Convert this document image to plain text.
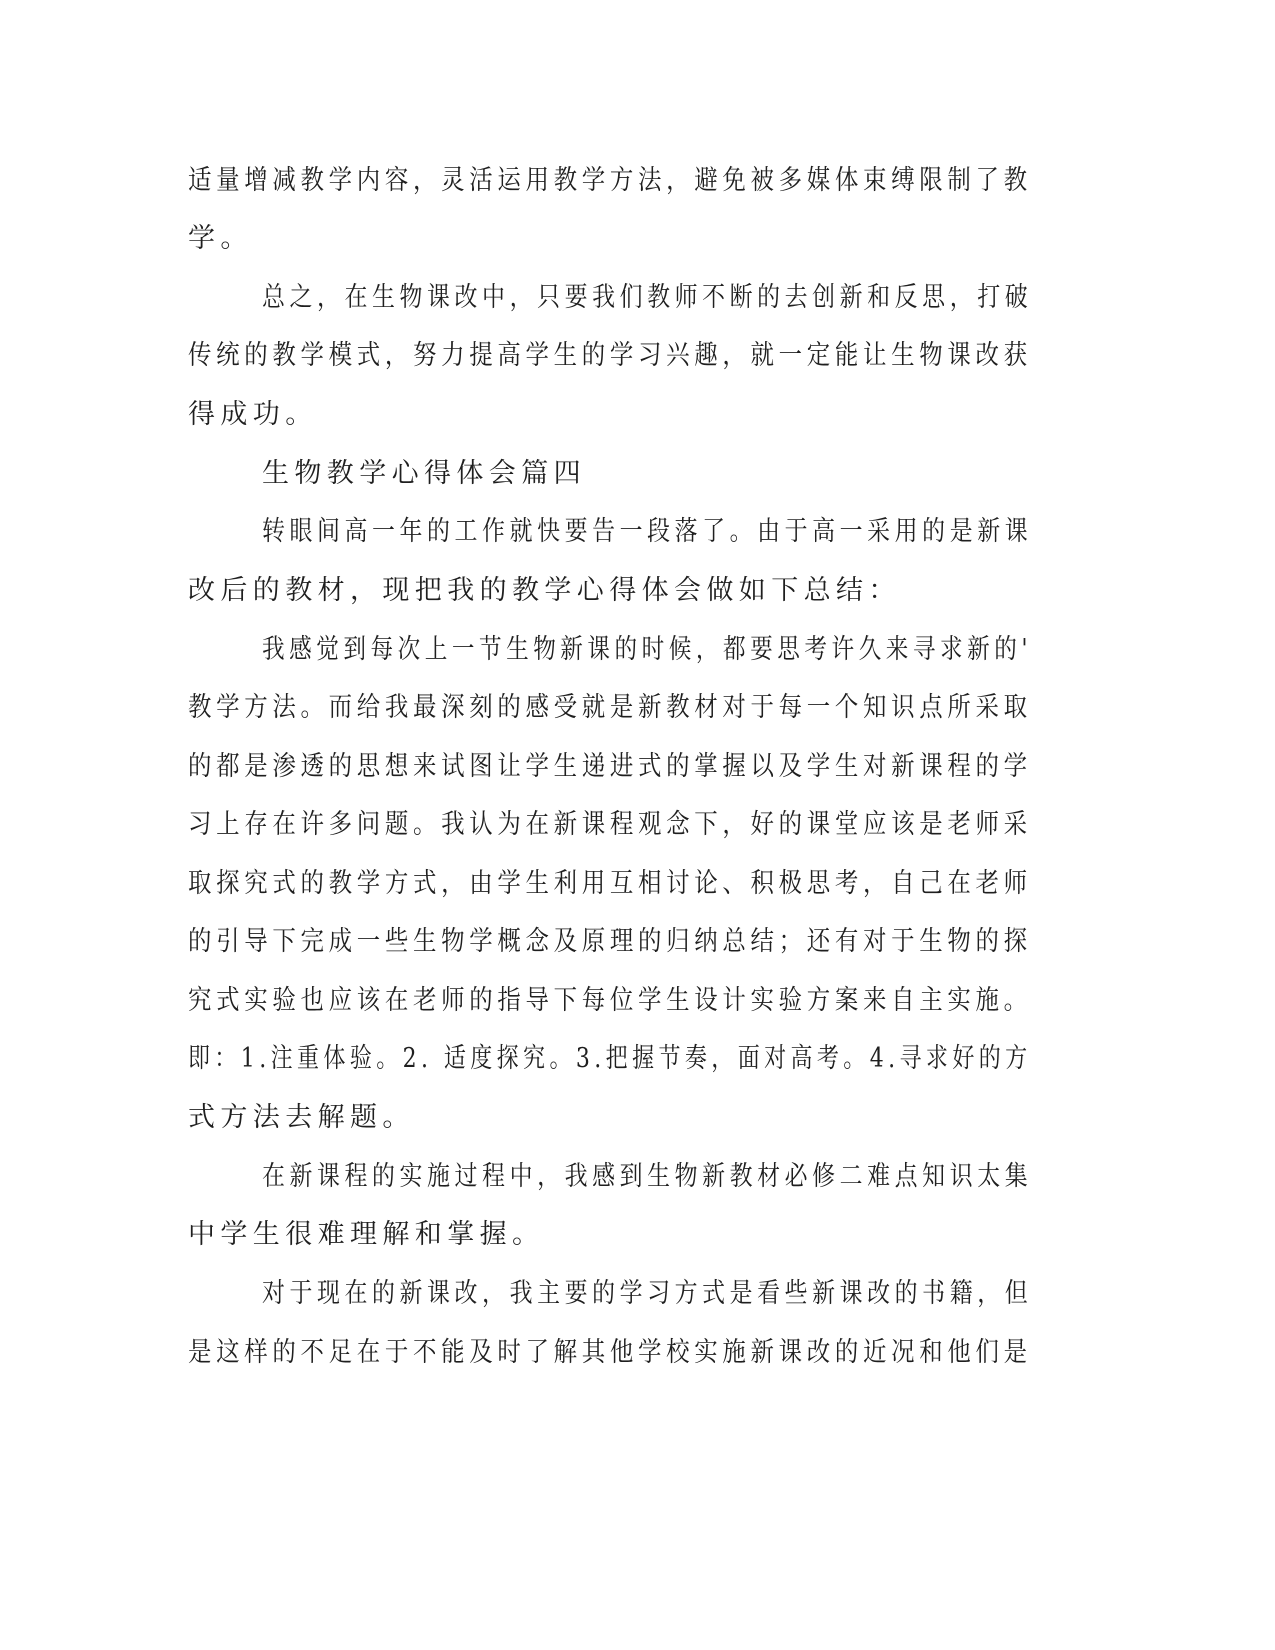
适量增减教学内容，灵活运用教学方法，避免被多媒体束缚限制了教

学。

总之，在生物课改中，只要我们教师不断的去创新和反思，打破

传统的教学模式，努力提高学生的学习兴趣，就一定能让生物课改获

得成功。

生物教学心得体会篇四

转眼间高一年的工作就快要告一段落了。由于高一采用的是新课

改后的教材，现把我的教学心得体会做如下总结：

我感觉到每次上一节生物新课的时候，都要思考许久来寻求新的'

教学方法。而给我最深刻的感受就是新教材对于每一个知识点所采取

的都是渗透的思想来试图让学生递进式的掌握以及学生对新课程的学

习上存在许多问题。我认为在新课程观念下，好的课堂应该是老师采

取探究式的教学方式，由学生利用互相讨论、积极思考，自己在老师

的引导下完成一些生物学概念及原理的归纳总结；还有对于生物的探

究式实验也应该在老师的指导下每位学生设计实验方案来自主实施。

即：1.注重体验。2. 适度探究。3.把握节奏，面对高考。4.寻求好的方

式方法去解题。

在新课程的实施过程中，我感到生物新教材必修二难点知识太集

中学生很难理解和掌握。

对于现在的新课改，我主要的学习方式是看些新课改的书籍，但

是这样的不足在于不能及时了解其他学校实施新课改的近况和他们是
